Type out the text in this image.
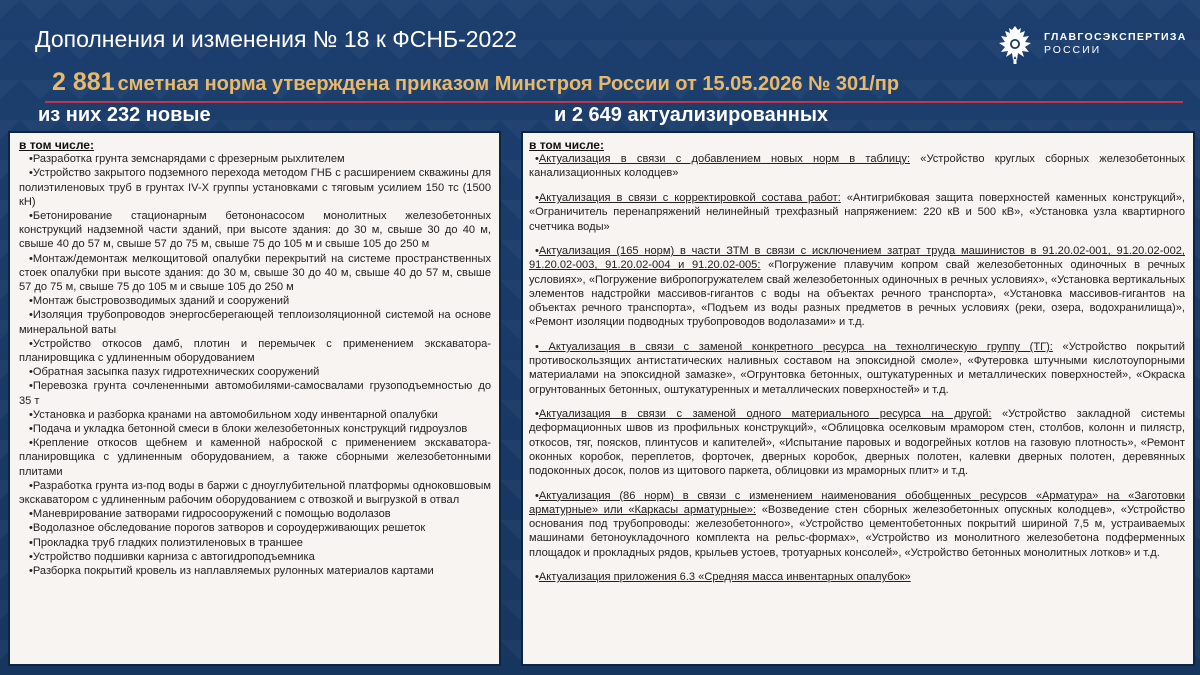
Дополнения и изменения № 18 к ФСНБ-2022	ГЛАВГОСЭКСПЕРТИЗА
РОССИИ
2 881 сметная норма утверждена приказом Минстроя России от 15.05.2026 № 301/пр
из них 232 новые	и 2 649 актуализированных
в том числе:
• Разработка грунта земснарядами с фрезерным рыхлителем
• Устройство закрытого подземного перехода методом ГНБ с расширением скважины для полиэтиленовых труб в грунтах IV-X группы установками с тяговым усилием 150 тс (1500 кН)
• Бетонирование стационарным бетононасосом монолитных железобетонных конструкций надземной части зданий, при высоте здания: до 30 м, свыше 30 до 40 м, свыше 40 до 57 м, свыше 57 до 75 м, свыше 75 до 105 м и свыше 105 до 250 м
• Монтаж/демонтаж мелкощитовой опалубки перекрытий на системе пространственных стоек опалубки при высоте здания: до 30 м, свыше 30 до 40 м, свыше 40 до 57 м, свыше 57 до 75 м, свыше 75 до 105 м и свыше 105 до 250 м
• Монтаж быстровозводимых зданий и сооружений
• Изоляция трубопроводов энергосберегающей теплоизоляционной системой на основе минеральной ваты
• Устройство откосов дамб, плотин и перемычек с применением экскаватора-планировщика с удлиненным оборудованием
• Обратная засыпка пазух гидротехнических сооружений
• Перевозка грунта сочлененными автомобилями-самосвалами грузоподъемностью до 35 т
• Установка и разборка кранами на автомобильном ходу инвентарной опалубки
• Подача и укладка бетонной смеси в блоки железобетонных конструкций гидроузлов
• Крепление откосов щебнем и каменной наброской с применением экскаватора-планировщика с удлиненным оборудованием, а также сборными железобетонными плитами
• Разработка грунта из-под воды в баржи с дноуглубительной платформы одноковшовым экскаватором с удлиненным рабочим оборудованием с отвозкой и выгрузкой в отвал
• Маневрирование затворами гидросооружений с помощью водолазов
• Водолазное обследование порогов затворов и сороудерживающих решеток
• Прокладка труб гладких полиэтиленовых в траншее
• Устройство подшивки карниза с автогидроподъемника
• Разборка покрытий кровель из наплавляемых рулонных материалов картами
в том числе:
• Актуализация в связи с добавлением новых норм в таблицу: «Устройство круглых сборных железобетонных канализационных колодцев»
• Актуализация в связи с корректировкой состава работ: «Антигрибковая защита поверхностей каменных конструкций», «Ограничитель перенапряжений нелинейный трехфазный напряжением: 220 кВ и 500 кВ», «Установка узла квартирного счетчика воды»
• Актуализация (165 норм) в части ЗТМ в связи с исключением затрат труда машинистов в 91.20.02-001, 91.20.02-002, 91.20.02-003, 91.20.02-004 и 91.20.02-005: «Погружение плавучим копром свай железобетонных одиночных в речных условиях», «Погружение вибропогружателем свай железобетонных одиночных в речных условиях», «Установка вертикальных элементов надстройки массивов-гигантов с воды на объектах речного транспорта», «Установка массивов-гигантов на объектах речного транспорта», «Подъем из воды разных предметов в речных условиях (реки, озера, водохранилища)», «Ремонт изоляции подводных трубопроводов водолазами» и т.д.
• Актуализация в связи с заменой конкретного ресурса на технолгическую группу (ТГ): «Устройство покрытий противоскользящих антистатических наливных составом на эпоксидной смоле», «Футеровка штучными кислотоупорными материалами на эпоксидной замазке», «Огрунтовка бетонных, оштукатуренных и металлических поверхностей», «Окраска огрунтованных бетонных, оштукатуренных и металлических поверхностей» и т.д.
• Актуализация в связи с заменой одного материального ресурса на другой: «Устройство закладной системы деформационных швов из профильных конструкций», «Облицовка оселковым мрамором стен, столбов, колонн и пилястр, откосов, тяг, поясков, плинтусов и капителей», «Испытание паровых и водогрейных котлов на газовую плотность», «Ремонт оконных коробок, переплетов, форточек, дверных коробок, дверных полотен, калевки дверных полотен, деревянных подоконных досок, полов из щитового паркета, облицовки из мраморных плит» и т.д.
• Актуализация (86 норм) в связи с изменением наименования обобщенных ресурсов «Арматура» на «Заготовки арматурные» или «Каркасы арматурные»: «Возведение стен сборных железобетонных опускных колодцев», «Устройство основания под трубопроводы: железобетонного», «Устройство цементобетонных покрытий шириной 7,5 м, устраиваемых машинами бетоноукладочного комплекта на рельс-формах», «Устройство из монолитного железобетона подферменных площадок и прокладных рядов, крыльев устоев, тротуарных консолей», «Устройство бетонных монолитных лотков» и т.д.
• Актуализация приложения 6.3 «Средняя масса инвентарных опалубок»
